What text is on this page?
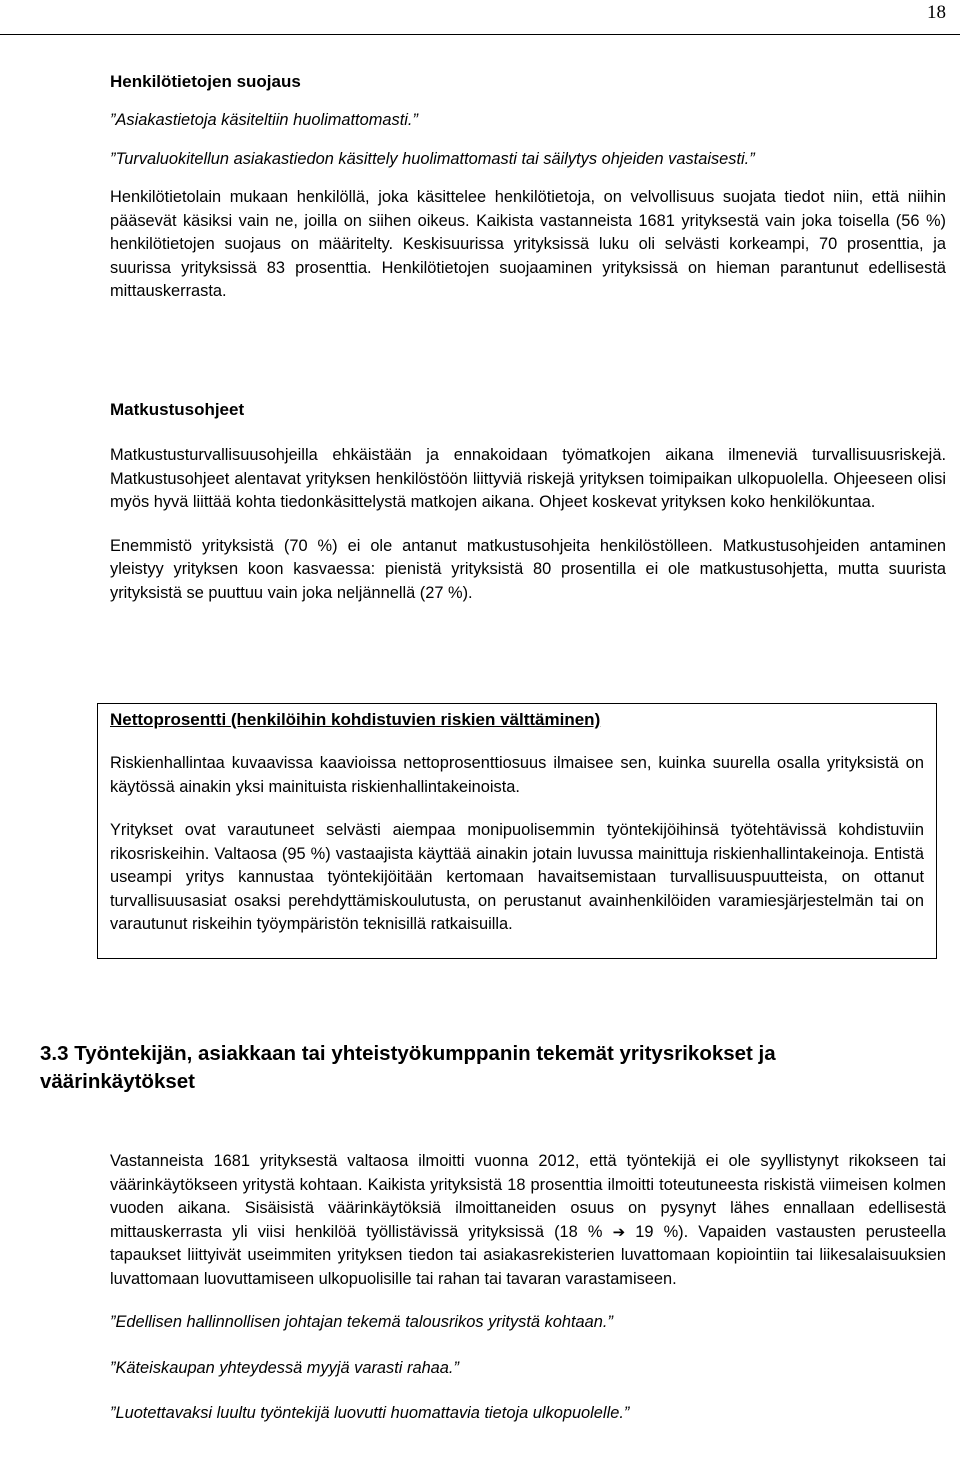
18
Henkilötietojen suojaus
”Asiakastietoja käsiteltiin huolimattomasti.”
”Turvaluokitellun asiakastiedon käsittely huolimattomasti tai säilytys ohjeiden vastaisesti.”

Henkilötietolain mukaan henkilöllä, joka käsittelee henkilötietoja, on velvollisuus suojata tiedot niin, että niihin pääsevät käsiksi vain ne, joilla on siihen oikeus. Kaikista vastanneista 1681 yrityksestä vain joka toisella (56 %) henkilötietojen suojaus on määritelty. Keskisuurissa yrityksissä luku oli selvästi korkeampi, 70 prosenttia, ja suurissa yrityksissä 83 prosenttia. Henkilötietojen suojaaminen yrityksissä on hieman parantunut edellisestä mittauskerrasta.

Matkustusohjeet

Matkustusturvallisuusohjeilla ehkäistään ja ennakoidaan työmatkojen aikana ilmeneviä turvallisuusriskejä. Matkustusohjeet alentavat yrityksen henkilöstöön liittyviä riskejä yrityksen toimipaikan ulkopuolella. Ohjeeseen olisi myös hyvä liittää kohta tiedonkäsittelystä matkojen aikana. Ohjeet koskevat yrityksen koko henkilökuntaa.

Enemmistö yrityksistä (70 %) ei ole antanut matkustusohjeita henkilöstölleen. Matkustusohjeiden antaminen yleistyy yrityksen koon kasvaessa: pienistä yrityksistä 80 prosentilla ei ole matkustusohjetta, mutta suurista yrityksistä se puuttuu vain joka neljännellä (27 %).

Nettoprosentti (henkilöihin kohdistuvien riskien välttäminen)

Riskienhallintaa kuvaavissa kaavioissa nettoprosenttiosuus ilmaisee sen, kuinka suurella osalla yrityksistä on käytössä ainakin yksi mainituista riskienhallintakeinoista.

Yritykset ovat varautuneet selvästi aiempaa monipuolisemmin työntekijöihinsä työtehtävissä kohdistuviin rikosriskeihin. Valtaosa (95 %) vastaajista käyttää ainakin jotain luvussa mainittuja riskienhallintakeinoja. Entistä useampi yritys kannustaa työntekijöitään kertomaan havaitsemistaan turvallisuuspuutteista, on ottanut turvallisuusasiat osaksi perehdyttämiskoulutusta, on perustanut avainhenkilöiden varamiesjärjestelmän tai on varautunut riskeihin työympäristön teknisillä ratkaisuilla.

3.3 Työntekijän, asiakkaan tai yhteistyökumppanin tekemät yritysrikokset ja väärinkäytökset

Vastanneista 1681 yrityksestä valtaosa ilmoitti vuonna 2012, että työntekijä ei ole syyllistynyt rikokseen tai väärinkäytökseen yritystä kohtaan. Kaikista yrityksistä 18 prosenttia ilmoitti toteutuneesta riskistä viimeisen kolmen vuoden aikana. Sisäisistä väärinkäytöksiä ilmoittaneiden osuus on pysynyt lähes ennallaan edellisestä mittauskerrasta yli viisi henkilöä työllistävissä yrityksissä (18 % ➔ 19 %). Vapaiden vastausten perusteella tapaukset liittyivät useimmiten yrityksen tiedon tai asiakasrekisterien luvattomaan kopiointiin tai liikesalaisuuksien luvattomaan luovuttamiseen ulkopuolisille tai rahan tai tavaran varastamiseen.

”Edellisen hallinnollisen johtajan tekemä talousrikos yritystä kohtaan.”
”Käteiskaupan yhteydessä myyjä varasti rahaa.”
”Luotettavaksi luultu työntekijä luovutti huomattavia tietoja ulkopuolelle.”
